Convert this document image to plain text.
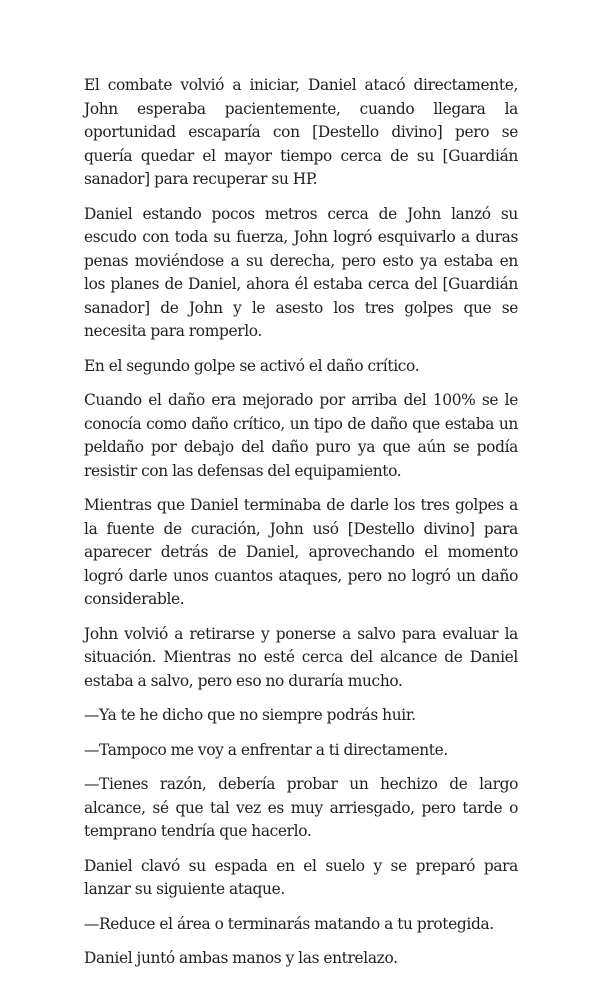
El combate volvió a iniciar, Daniel atacó directamente, John esperaba pacientemente, cuando llegara la oportunidad escaparía con [Destello divino] pero se quería quedar el mayor tiempo cerca de su [Guardián sanador] para recuperar su HP.

Daniel estando pocos metros cerca de John lanzó su escudo con toda su fuerza, John logró esquivarlo a duras penas moviéndose a su derecha, pero esto ya estaba en los planes de Daniel, ahora él estaba cerca del [Guardián sanador] de John y le asesto los tres golpes que se necesita para romperlo.

En el segundo golpe se activó el daño crítico.

Cuando el daño era mejorado por arriba del 100% se le conocía como daño crítico, un tipo de daño que estaba un peldaño por debajo del daño puro ya que aún se podía resistir con las defensas del equipamiento.

Mientras que Daniel terminaba de darle los tres golpes a la fuente de curación, John usó [Destello divino] para aparecer detrás de Daniel, aprovechando el momento logró darle unos cuantos ataques, pero no logró un daño considerable.

John volvió a retirarse y ponerse a salvo para evaluar la situación. Mientras no esté cerca del alcance de Daniel estaba a salvo, pero eso no duraría mucho.

—Ya te he dicho que no siempre podrás huir.

—Tampoco me voy a enfrentar a ti directamente.

—Tienes razón, debería probar un hechizo de largo alcance, sé que tal vez es muy arriesgado, pero tarde o temprano tendría que hacerlo.

Daniel clavó su espada en el suelo y se preparó para lanzar su siguiente ataque.

—Reduce el área o terminarás matando a tu protegida.

Daniel juntó ambas manos y las entrelazo.
